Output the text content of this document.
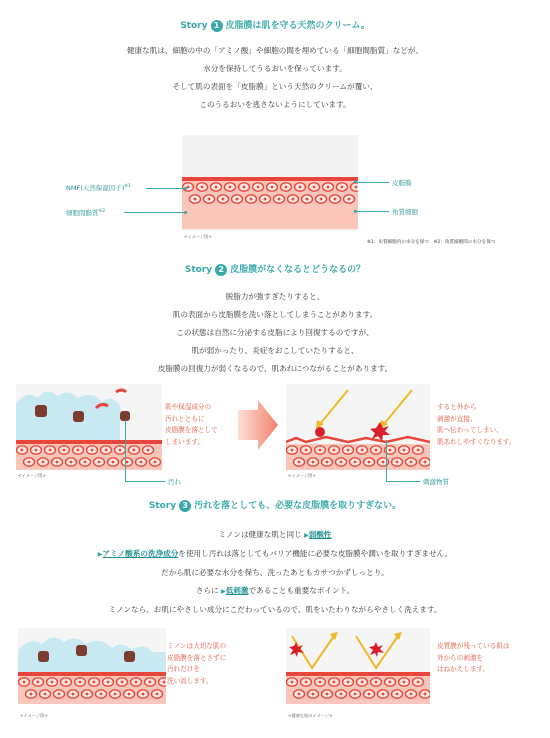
Story 1 皮脂膜は肌を守る天然のクリーム。
健康な肌は、細胞の中の「アミノ酸」や細胞の間を埋めている「細胞間脂質」などが、
水分を保持してうるおいを保っています。
そして肌の表面を「皮脂膜」という天然のクリームが覆い、
このうるおいを逃さないようにしています。
<イメージ図>
NMF(天然保湿因子)$^{※1}$
細胞間脂質$^{※2}$
皮脂膜
角質細胞
※1：角質細胞内の水分を保つ　※2：角質細胞間の水分を保つ
Story 2 皮脂膜がなくなるとどうなるの？
脱脂力が強すぎたりすると、
肌の表面から皮脂膜を洗い落としてしまうことがあります。
この状態は自然に分泌する皮脂により回復するのですが、
肌が弱かったり、炎症をおこしていたりすると、
皮脂膜の回復力が弱くなるので、肌あれにつながることがあります。
<イメージ図>
肌や保湿成分の
汚れとともに
皮脂膜を落として
しまいます。
汚れ
<イメージ図>
すると外から
刺激が直接、
肌へ伝わってしまい、
肌あれしやすくなります。
刺激物質
Story 3 汚れを落としても、必要な皮脂膜を取りすぎない。
ミノンは健康な肌と同じ ▶弱酸性
▶アミノ酸系の洗浄成分を使用し汚れは落としてもバリア機能に必要な皮脂膜や潤いを取りすぎません。
だから肌に必要な水分を保ち、洗ったあともカサつかずしっとり。
さらに ▶低刺激であることも重要なポイント。
ミノンなら、お肌にやさしい成分にこだわっているので、肌をいたわりながらやさしく洗えます。
<イメージ図>
ミノンは大切な肌の
皮脂膜を落とさずに
汚れだけを
洗い流します。
<健康な肌のイメージ>
皮質膜が残っている肌は
外からの刺激を
はねかえします。
